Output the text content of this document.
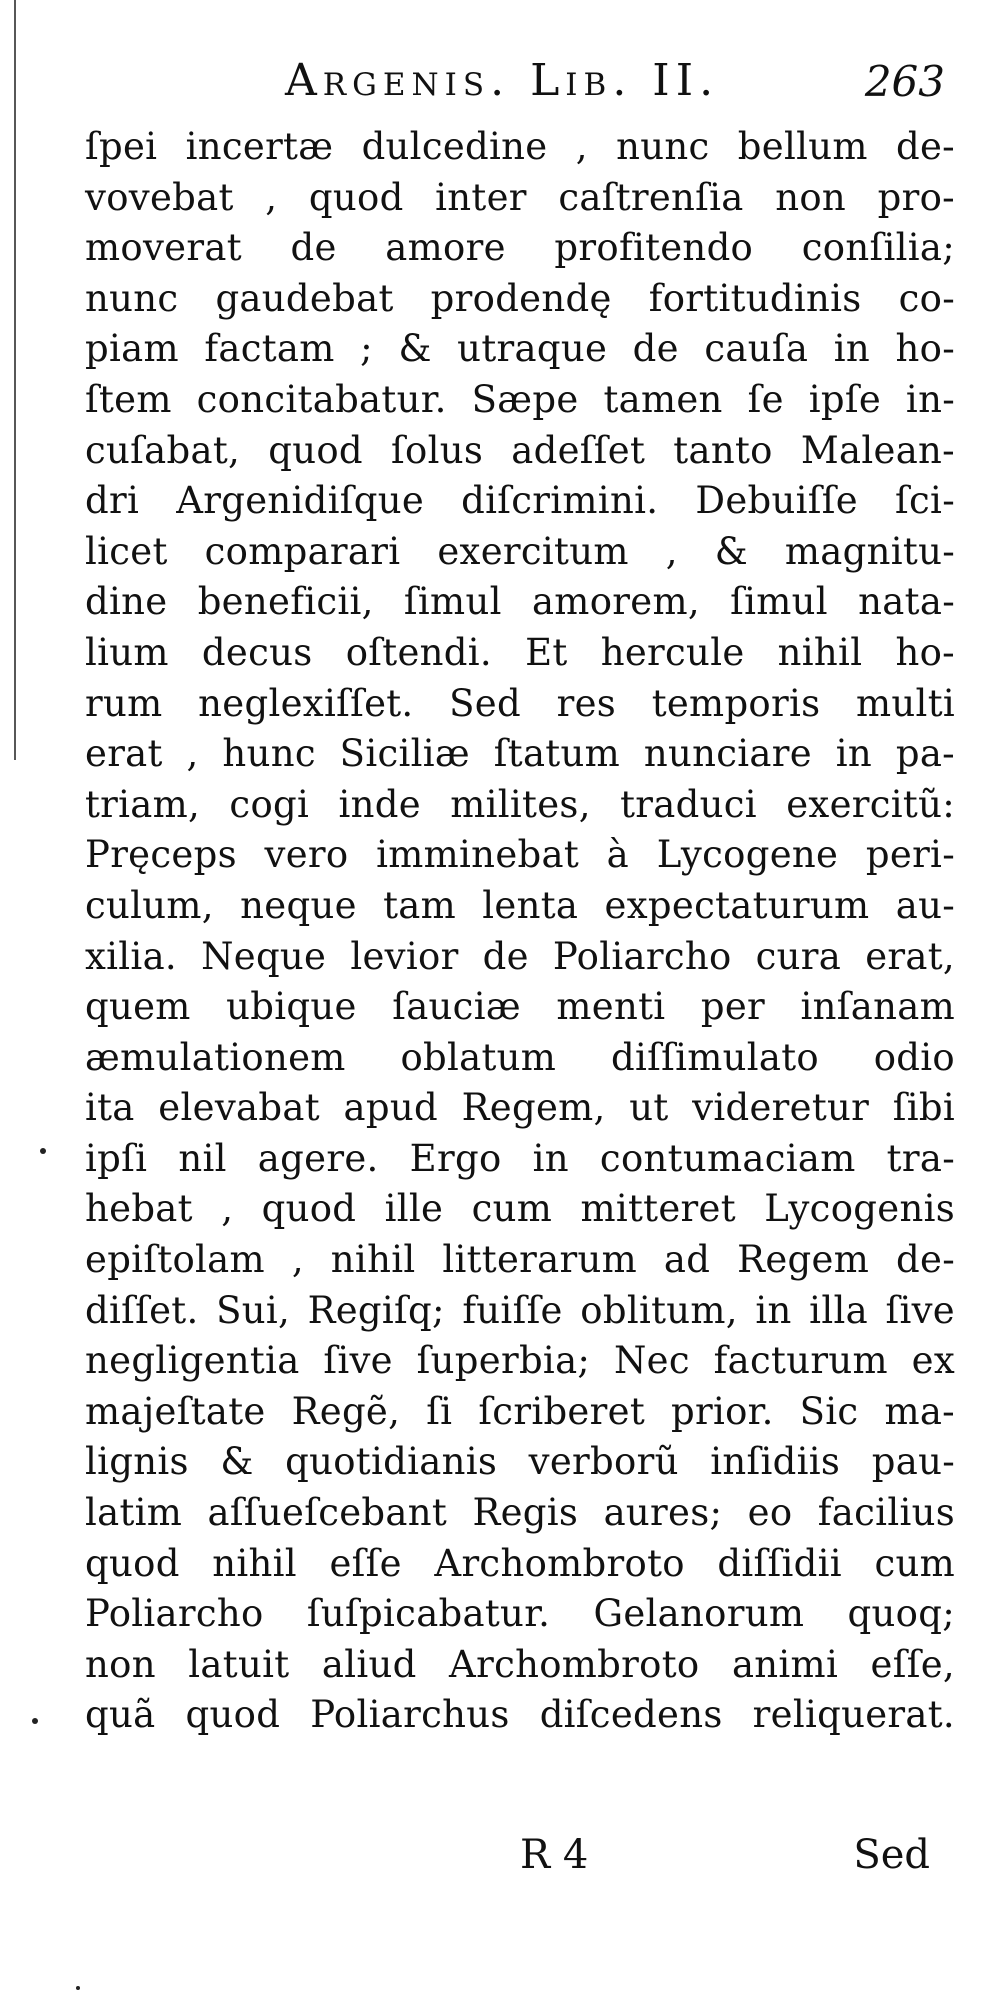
Argenis. Lib. II.	263
ſpei incertæ dulcedine , nunc bellum de-
vovebat , quod inter caſtrenſia non pro-
moverat de amore profitendo conſilia;
nunc gaudebat prodendę fortitudinis co-
piam factam ; & utraque de cauſa in ho-
ſtem concitabatur. Sæpe tamen ſe ipſe in-
cuſabat, quod ſolus adeſſet tanto Malean-
dri Argenidiſque diſcrimini. Debuiſſe ſci-
licet comparari exercitum , & magnitu-
dine beneficii, ſimul amorem, ſimul nata-
lium decus oſtendi. Et hercule nihil ho-
rum neglexiſſet. Sed res temporis multi
erat , hunc Siciliæ ſtatum nunciare in pa-
triam, cogi inde milites, traduci exercitũ:
Pręceps vero imminebat à Lycogene peri-
culum, neque tam lenta expectaturum au-
xilia. Neque levior de Poliarcho cura erat,
quem ubique ſauciæ menti per inſanam
æmulationem oblatum diſſimulato odio
ita elevabat apud Regem, ut videretur ſibi
ipſi nil agere. Ergo in contumaciam tra-
hebat , quod ille cum mitteret Lycogenis
epiſtolam , nihil litterarum ad Regem de-
diſſet. Sui, Regiſq; fuiſſe oblitum, in illa ſive
negligentia ſive ſuperbia; Nec facturum ex
majeſtate Regẽ, ſi ſcriberet prior. Sic ma-
lignis & quotidianis verborũ inſidiis pau-
latim aſſueſcebant Regis aures; eo facilius
quod nihil eſſe Archombroto diſſidii cum
Poliarcho ſuſpicabatur. Gelanorum quoq;
non latuit aliud Archombroto animi eſſe,
quã quod Poliarchus diſcedens reliquerat.
R 4	Sed
